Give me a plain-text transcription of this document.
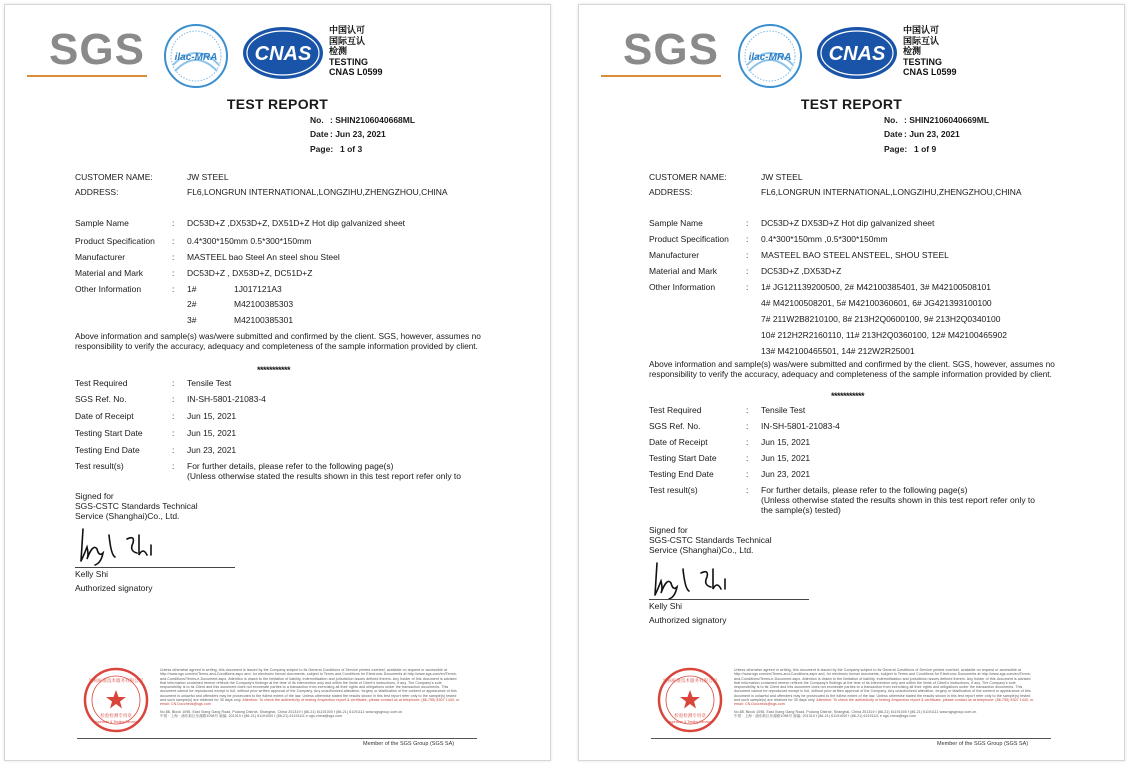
SGS	ilac-MRA CNAS
中国认可
国际互认
检测
TESTING
CNAS L0599
TEST REPORT
No. : SHIN2106040668ML
Date : Jun 23, 2021
Page: 1 of 3
CUSTOMER NAME:	JW STEEL
ADDRESS:	FL6,LONGRUN INTERNATIONAL,LONGZIHU,ZHENGZHOU,CHINA
Sample Name	: DC53D+Z ,DX53D+Z, DX51D+Z Hot dip galvanized sheet
Product Specification : 0.4*300*150mm 0.5*300*150mm
Manufacturer	: MASTEEL bao Steel An steel shou Steel
Material and Mark	: DC53D+Z , DX53D+Z, DC51D+Z
Other Information	: 1#	1J017121A3
2#	M42100385303
3#	M42100385301
Above information and sample(s) was/were submitted and confirmed by the client. SGS, however, assumes no responsibility to verify the accuracy, adequacy and completeness of the sample information provided by client.
***********
Test Required	: Tensile Test
SGS Ref. No.	: IN-SH-5801-21083-4
Date of Receipt	: Jun 15, 2021
Testing Start Date	: Jun 15, 2021
Testing End Date	: Jun 23, 2021
Test result(s)	: For further details, please refer to the following page(s)
(Unless otherwise stated the results shown in this test report refer only to
Signed for
SGS-CSTC Standards Technical
Service (Shanghai)Co., Ltd.
Kelly Shi
Authorized signatory
通标标准技术服务有限公司
检验检测专用章
Inspection & Testing Services
Unless otherwise agreed in writing, this document is issued by the Company subject to its General Conditions of Service printed overleaf, available on request or accessible at http://www.sgs.com/en/Terms-and-Conditions.aspx and, for electronic format documents, subject to Terms and Conditions for Electronic Documents at http://www.sgs.com/en/Terms-and-Conditions/Terms-e-Document.aspx. Attention is drawn to the limitation of liability, indemnification and jurisdiction issues defined therein. Any holder of this document is advised that information contained hereon reflects the Company's findings at the time of its intervention only and within the limits of Client's instructions, if any. The Company's sole responsibility is to its Client and this document does not exonerate parties to a transaction from exercising all their rights and obligations under the transaction documents. This document cannot be reproduced except in full, without prior written approval of the Company. Any unauthorized alteration, forgery or falsification of the content or appearance of this document is unlawful and offenders may be prosecuted to the fullest extent of the law. Unless otherwise stated the results shown in this test report refer only to the sample(s) tested and such sample(s) are retained for 30 days only. Attention: To check the authenticity of testing /inspection report & certificate, please contact us at telephone: (86-755) 8307 1443, or email: CN.Doccheck@sgs.com
No.88, Block 1098, East Xiang Gang Road, Pudong District, Shanghai, China 201319 t (86-21) 61191000 f (86-21) 61191111 www.sgsgroup.com.cn
中国 · 上海 · 浦东新区东湖路1098号 邮编: 201319 t (86-21) 61191000 f (86-21) 61191111 e sgs.china@sgs.com
Member of the SGS Group (SGS SA)
SGS	ilac-MRA CNAS
中国认可
国际互认
检测
TESTING
CNAS L0599
TEST REPORT
No. : SHIN2106040669ML
Date : Jun 23, 2021
Page: 1 of 9
CUSTOMER NAME:	JW STEEL
ADDRESS:	FL6,LONGRUN INTERNATIONAL,LONGZIHU,ZHENGZHOU,CHINA
Sample Name	: DC53D+Z DX53D+Z Hot dip galvanized sheet
Product Specification : 0.4*300*150mm ,0.5*300*150mm
Manufacturer	: MASTEEL BAO STEEL ANSTEEL, SHOU STEEL
Material and Mark	: DC53D+Z ,DX53D+Z
Other Information	: 1# JG121139200500, 2# M42100385401, 3# M42100508101
4# M42100508201, 5# M42100360601, 6# JG421393100100
7# 211W2B8210100, 8# 213H2Q0600100, 9# 213H2Q0340100
10# 212H2R2160110, 11# 213H2Q0360100, 12# M42100465902
13# M42100465501, 14# 212W2R25001
Above information and sample(s) was/were submitted and confirmed by the client. SGS, however, assumes no responsibility to verify the accuracy, adequacy and completeness of the sample information provided by client.
***********
Test Required	: Tensile Test
SGS Ref. No.	: IN-SH-5801-21083-4
Date of Receipt	: Jun 15, 2021
Testing Start Date	: Jun 15, 2021
Testing End Date	: Jun 23, 2021
Test result(s)	: For further details, please refer to the following page(s)
(Unless otherwise stated the results shown in this test report refer only to
the sample(s) tested)
Signed for
SGS-CSTC Standards Technical
Service (Shanghai)Co., Ltd.
Kelly Shi
Authorized signatory
通标标准技术服务有限公司
检验检测专用章
Inspection & Testing Services
Unless otherwise agreed in writing, this document is issued by the Company subject to its General Conditions of Service printed overleaf, available on request or accessible at http://www.sgs.com/en/Terms-and-Conditions.aspx and, for electronic format documents, subject to Terms and Conditions for Electronic Documents at http://www.sgs.com/en/Terms-and-Conditions/Terms-e-Document.aspx. Attention is drawn to the limitation of liability, indemnification and jurisdiction issues defined therein. Any holder of this document is advised that information contained hereon reflects the Company's findings at the time of its intervention only and within the limits of Client's instructions, if any. The Company's sole responsibility is to its Client and this document does not exonerate parties to a transaction from exercising all their rights and obligations under the transaction documents. This document cannot be reproduced except in full, without prior written approval of the Company. Any unauthorized alteration, forgery or falsification of the content or appearance of this document is unlawful and offenders may be prosecuted to the fullest extent of the law. Unless otherwise stated the results shown in this test report refer only to the sample(s) tested and such sample(s) are retained for 30 days only. Attention: To check the authenticity of testing /inspection report & certificate, please contact us at telephone: (86-755) 8307 1443, or email: CN.Doccheck@sgs.com
No.88, Block 1098, East Xiang Gang Road, Pudong District, Shanghai, China 201319 t (86-21) 61191000 f (86-21) 61191111 www.sgsgroup.com.cn
中国 · 上海 · 浦东新区东湖路1098号 邮编: 201319 t (86-21) 61191000 f (86-21) 61191111 e sgs.china@sgs.com
Member of the SGS Group (SGS SA)
